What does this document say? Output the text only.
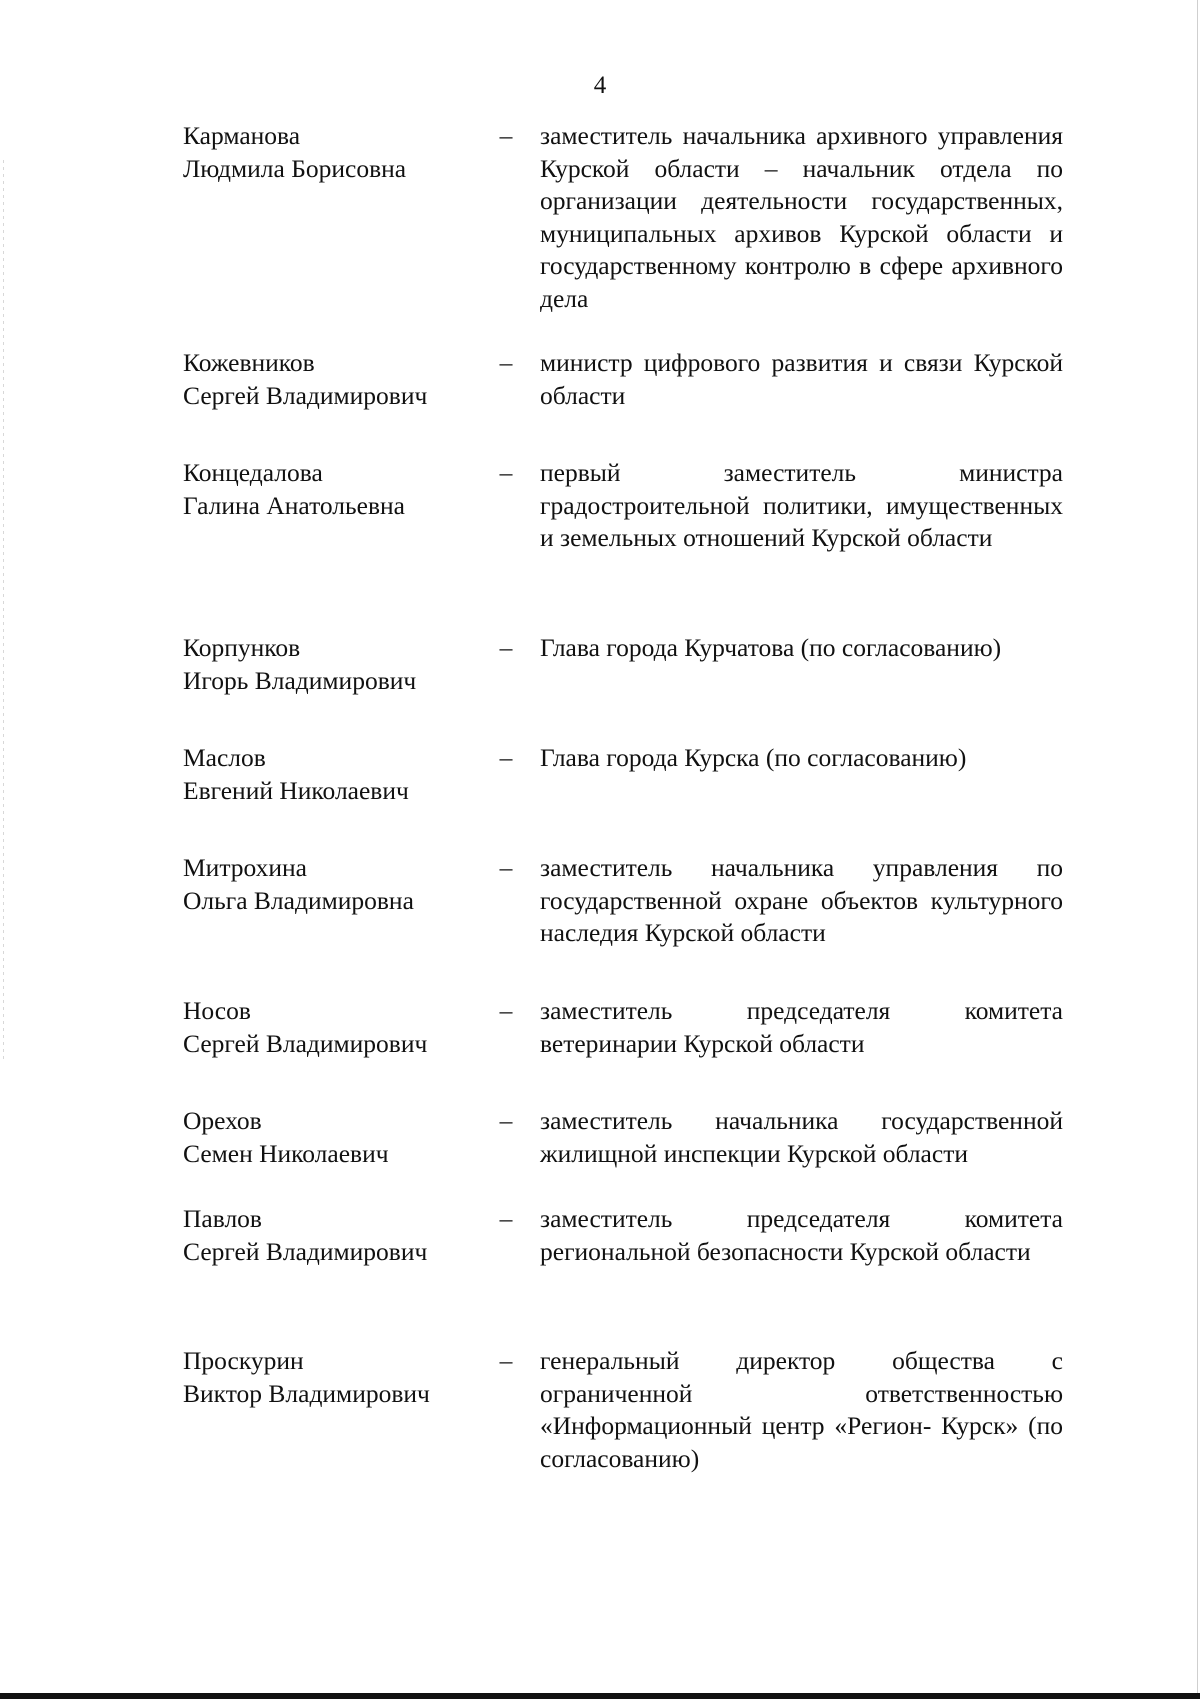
4
Карманова
Людмила Борисовна
– заместитель начальника архивного управления Курской области – начальник отдела по организации деятельности государственных, муниципальных архивов Курской области и государственному контролю в сфере архивного дела
Кожевников
Сергей Владимирович
– министр цифрового развития и связи Курской области
Концедалова
Галина Анатольевна
– первый заместитель министра градостроительной политики, имущественных и земельных отношений Курской области
Корпунков
Игорь Владимирович
– Глава города Курчатова (по согласованию)
Маслов
Евгений Николаевич
– Глава города Курска (по согласованию)
Митрохина
Ольга Владимировна
– заместитель начальника управления по государственной охране объектов культурного наследия Курской области
Носов
Сергей Владимирович
– заместитель председателя комитета ветеринарии Курской области
Орехов
Семен Николаевич
– заместитель начальника государственной жилищной инспекции Курской области
Павлов
Сергей Владимирович
– заместитель председателя комитета региональной безопасности Курской области
Проскурин
Виктор Владимирович
– генеральный директор общества с ограниченной ответственностью «Информационный центр «Регион- Курск» (по согласованию)
